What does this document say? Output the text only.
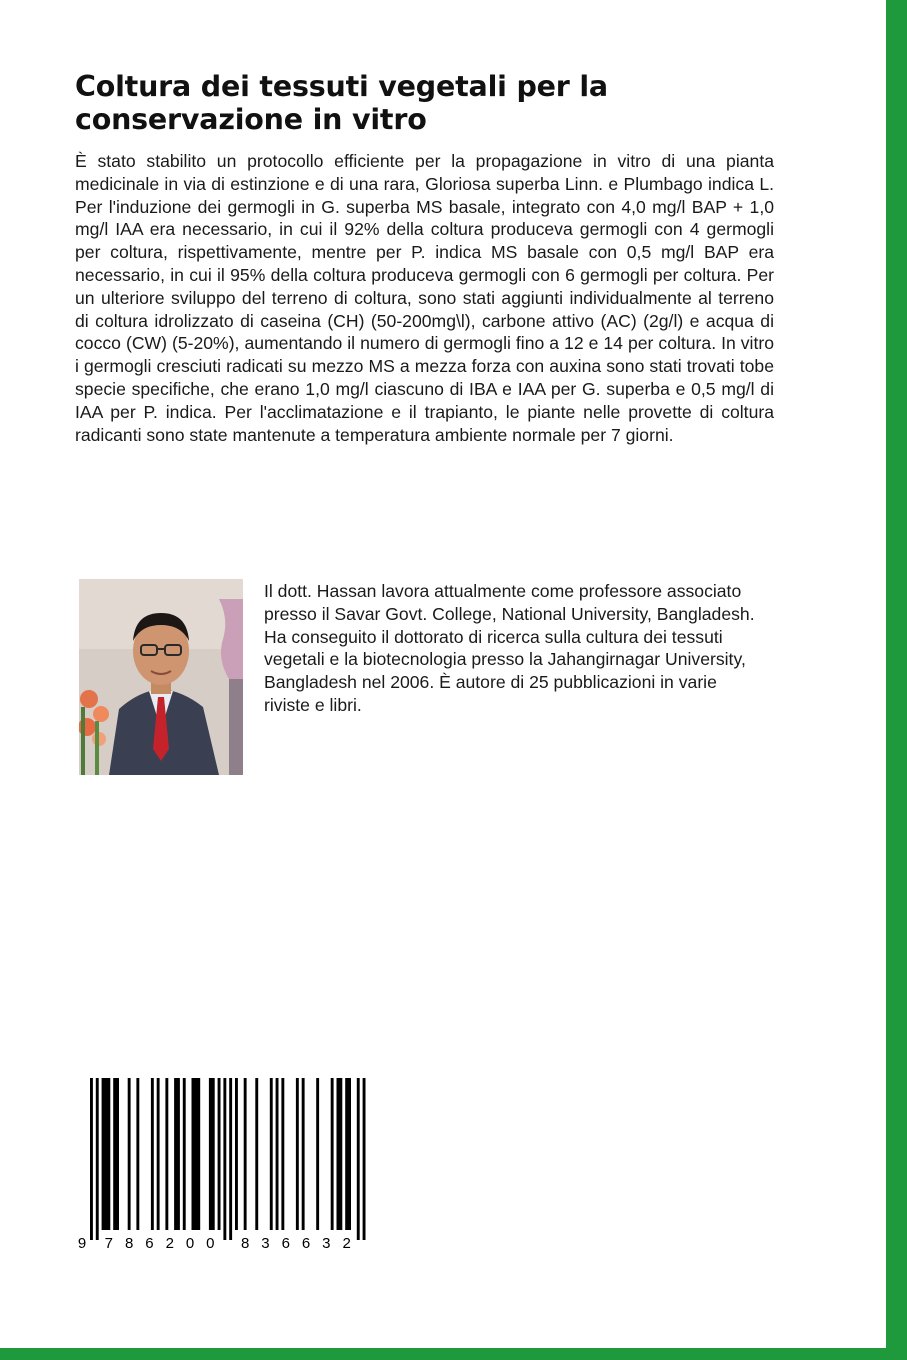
Coltura dei tessuti vegetali per la conservazione in vitro

È stato stabilito un protocollo efficiente per la propagazione in vitro di una pianta medicinale in via di estinzione e di una rara, Gloriosa superba Linn. e Plumbago indica L. Per l'induzione dei germogli in G. superba MS basale, integrato con 4,0 mg/l BAP + 1,0 mg/l IAA era necessario, in cui il 92% della coltura produceva germogli con 4 germogli per coltura, rispettivamente, mentre per P. indica MS basale con 0,5 mg/l BAP era necessario, in cui il 95% della coltura produceva germogli con 6 germogli per coltura. Per un ulteriore sviluppo del terreno di coltura, sono stati aggiunti individualmente al terreno di coltura idrolizzato di caseina (CH) (50-200mg\l), carbone attivo (AC) (2g/l) e acqua di cocco (CW) (5-20%), aumentando il numero di germogli fino a 12 e 14 per coltura. In vitro i germogli cresciuti radicati su mezzo MS a mezza forza con auxina sono stati trovati tobe specie specifiche, che erano 1,0 mg/l ciascuno di IBA e IAA per G. superba e 0,5 mg/l di IAA per P. indica. Per l'acclimatazione e il trapianto, le piante nelle provette di coltura radicanti sono state mantenute a temperatura ambiente normale per 7 giorni.

Il dott. Hassan lavora attualmente come professore associato presso il Savar Govt. College, National University, Bangladesh. Ha conseguito il dottorato di ricerca sulla cultura dei tessuti vegetali e la biotecnologia presso la Jahangirnagar University, Bangladesh nel 2006. È autore di 25 pubblicazioni in varie riviste e libri.

9 7 8 6 2 0 0 8 3 6 6 3 2
